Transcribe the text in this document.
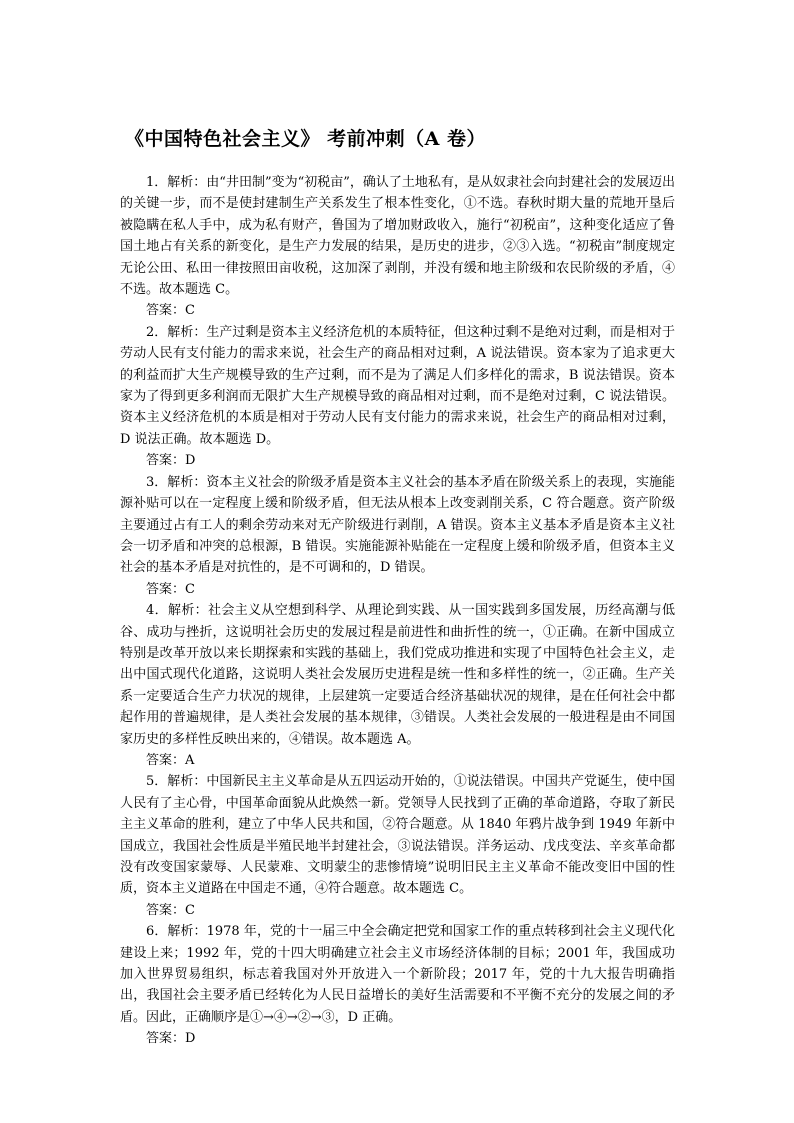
《中国特色社会主义》 考前冲刺（A 卷）

1．解析：由“井田制”变为“初税亩”，确认了土地私有，是从奴隶社会向封建社会的发展迈出的关键一步，而不是使封建制生产关系发生了根本性变化，①不选。春秋时期大量的荒地开垦后被隐瞒在私人手中，成为私有财产，鲁国为了增加财政收入，施行“初税亩”，这种变化适应了鲁国土地占有关系的新变化，是生产力发展的结果，是历史的进步，②③入选。“初税亩”制度规定无论公田、私田一律按照田亩收税，这加深了剥削，并没有缓和地主阶级和农民阶级的矛盾，④不选。故本题选 C。

答案：C

2．解析：生产过剩是资本主义经济危机的本质特征，但这种过剩不是绝对过剩，而是相对于劳动人民有支付能力的需求来说，社会生产的商品相对过剩，A 说法错误。资本家为了追求更大的利益而扩大生产规模导致的生产过剩，而不是为了满足人们多样化的需求，B 说法错误。资本家为了得到更多利润而无限扩大生产规模导致的商品相对过剩，而不是绝对过剩，C 说法错误。资本主义经济危机的本质是相对于劳动人民有支付能力的需求来说，社会生产的商品相对过剩，D 说法正确。故本题选 D。

答案：D

3．解析：资本主义社会的阶级矛盾是资本主义社会的基本矛盾在阶级关系上的表现，实施能源补贴可以在一定程度上缓和阶级矛盾，但无法从根本上改变剥削关系，C 符合题意。资产阶级主要通过占有工人的剩余劳动来对无产阶级进行剥削，A 错误。资本主义基本矛盾是资本主义社会一切矛盾和冲突的总根源，B 错误。实施能源补贴能在一定程度上缓和阶级矛盾，但资本主义社会的基本矛盾是对抗性的，是不可调和的，D 错误。

答案：C

4．解析：社会主义从空想到科学、从理论到实践、从一国实践到多国发展，历经高潮与低谷、成功与挫折，这说明社会历史的发展过程是前进性和曲折性的统一，①正确。在新中国成立特别是改革开放以来长期探索和实践的基础上，我们党成功推进和实现了中国特色社会主义，走出中国式现代化道路，这说明人类社会发展历史进程是统一性和多样性的统一，②正确。生产关系一定要适合生产力状况的规律，上层建筑一定要适合经济基础状况的规律，是在任何社会中都起作用的普遍规律，是人类社会发展的基本规律，③错误。人类社会发展的一般进程是由不同国家历史的多样性反映出来的，④错误。故本题选 A。

答案：A

5．解析：中国新民主主义革命是从五四运动开始的，①说法错误。中国共产党诞生，使中国人民有了主心骨，中国革命面貌从此焕然一新。党领导人民找到了正确的革命道路，夺取了新民主主义革命的胜利，建立了中华人民共和国，②符合题意。从 1840 年鸦片战争到 1949 年新中国成立，我国社会性质是半殖民地半封建社会，③说法错误。洋务运动、戊戌变法、辛亥革命都没有改变国家蒙辱、人民蒙难、文明蒙尘的悲惨情境”说明旧民主主义革命不能改变旧中国的性质，资本主义道路在中国走不通，④符合题意。故本题选 C。

答案：C

6．解析：1978 年，党的十一届三中全会确定把党和国家工作的重点转移到社会主义现代化建设上来；1992 年，党的十四大明确建立社会主义市场经济体制的目标；2001 年，我国成功加入世界贸易组织，标志着我国对外开放进入一个新阶段；2017 年，党的十九大报告明确指出，我国社会主要矛盾已经转化为人民日益增长的美好生活需要和不平衡不充分的发展之间的矛盾。因此，正确顺序是①→④→②→③，D 正确。

答案：D
